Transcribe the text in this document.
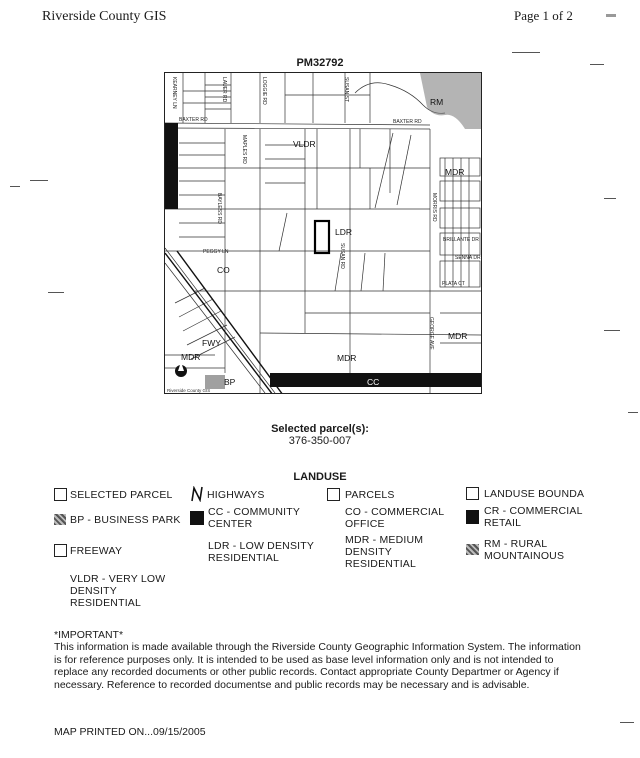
Riverside County GIS	Page 1 of 2
PM32792
CR
VLDR
RM
MDR
LDR
CO
MDR
MDR
BP	CC
MDR
KEARNEY LN	LAUER RD	LOGGIE RD	SUSAN ST
BAXTER RD	BAXTER RD
MAPLES RD
BAYLESS RD
PEGGY LN	SUSAN RD
MORRIS RD
BRILLANTE DR
SENNA DR
PLATA CT
GEORGE AVE
FWY
Riverside County GIS
Selected parcel(s):
376-350-007
LANDUSE
SELECTED PARCEL	HIGHWAYS	PARCELS	LANDUSE BOUNDA
BP - BUSINESS PARK
CC - COMMUNITY CENTER
CO - COMMERCIAL OFFICE
CR - COMMERCIAL RETAIL
FREEWAY	LDR - LOW DENSITY RESIDENTIAL
MDR - MEDIUM DENSITY RESIDENTIAL
RM - RURAL MOUNTAINOUS
VLDR - VERY LOW DENSITY RESIDENTIAL
*IMPORTANT*
This information is made available through the Riverside County Geographic Information System. The information is for reference purposes only. It is intended to be used as base level information only and is not intended to replace any recorded documents or other public records. Contact appropriate County Departmer or Agency if necessary. Reference to recorded documentse and public records may be necessary and is advisable.
MAP PRINTED ON...09/15/2005
